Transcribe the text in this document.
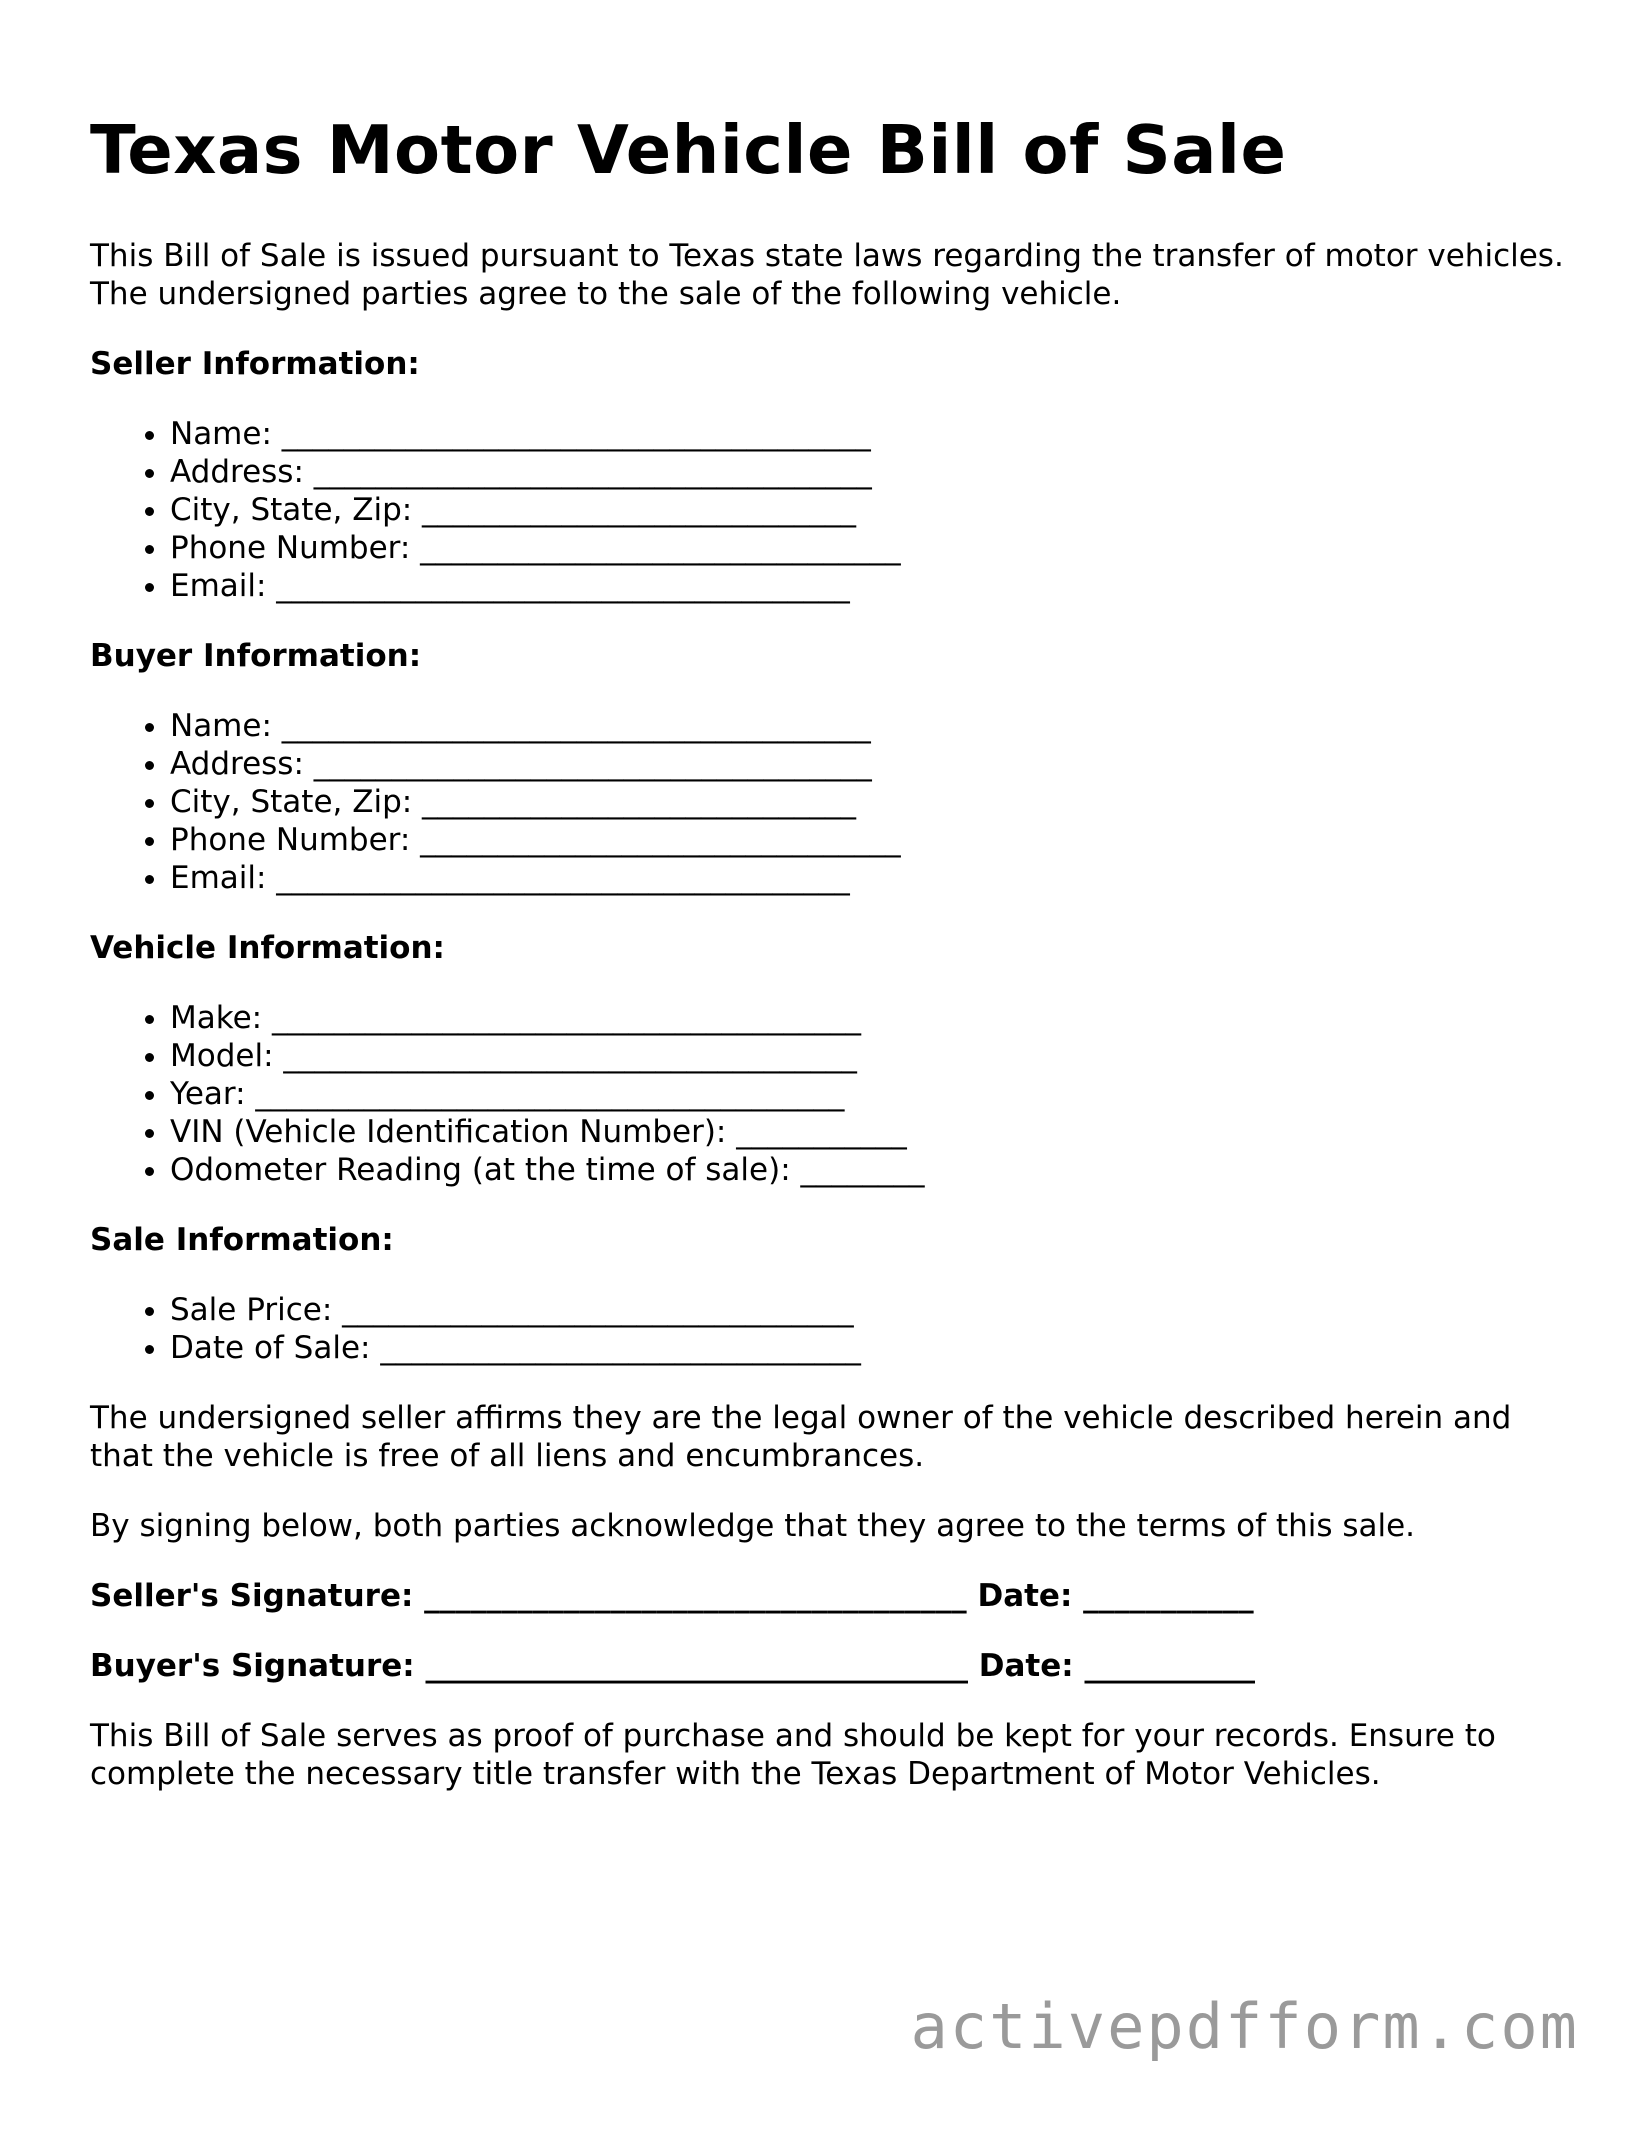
Texas Motor Vehicle Bill of Sale

This Bill of Sale is issued pursuant to Texas state laws regarding the transfer of motor vehicles. The undersigned parties agree to the sale of the following vehicle.

Seller Information:
• Name: ______________________________________
• Address: ____________________________________
• City, State, Zip: ____________________________
• Phone Number: _______________________________
• Email: _____________________________________
Buyer Information:
• Name: ______________________________________
• Address: ____________________________________
• City, State, Zip: ____________________________
• Phone Number: _______________________________
• Email: _____________________________________
Vehicle Information:
• Make: ______________________________________
• Model: _____________________________________
• Year: ______________________________________
• VIN (Vehicle Identification Number): ___________
• Odometer Reading (at the time of sale): ________
Sale Information:
• Sale Price: _________________________________
• Date of Sale: _______________________________

The undersigned seller affirms they are the legal owner of the vehicle described herein and that the vehicle is free of all liens and encumbrances.

By signing below, both parties acknowledge that they agree to the terms of this sale.

Seller's Signature: ___________________________________ Date: ___________
Buyer's Signature: ___________________________________ Date: ___________

This Bill of Sale serves as proof of purchase and should be kept for your records. Ensure to complete the necessary title transfer with the Texas Department of Motor Vehicles.

activepdfform.com
